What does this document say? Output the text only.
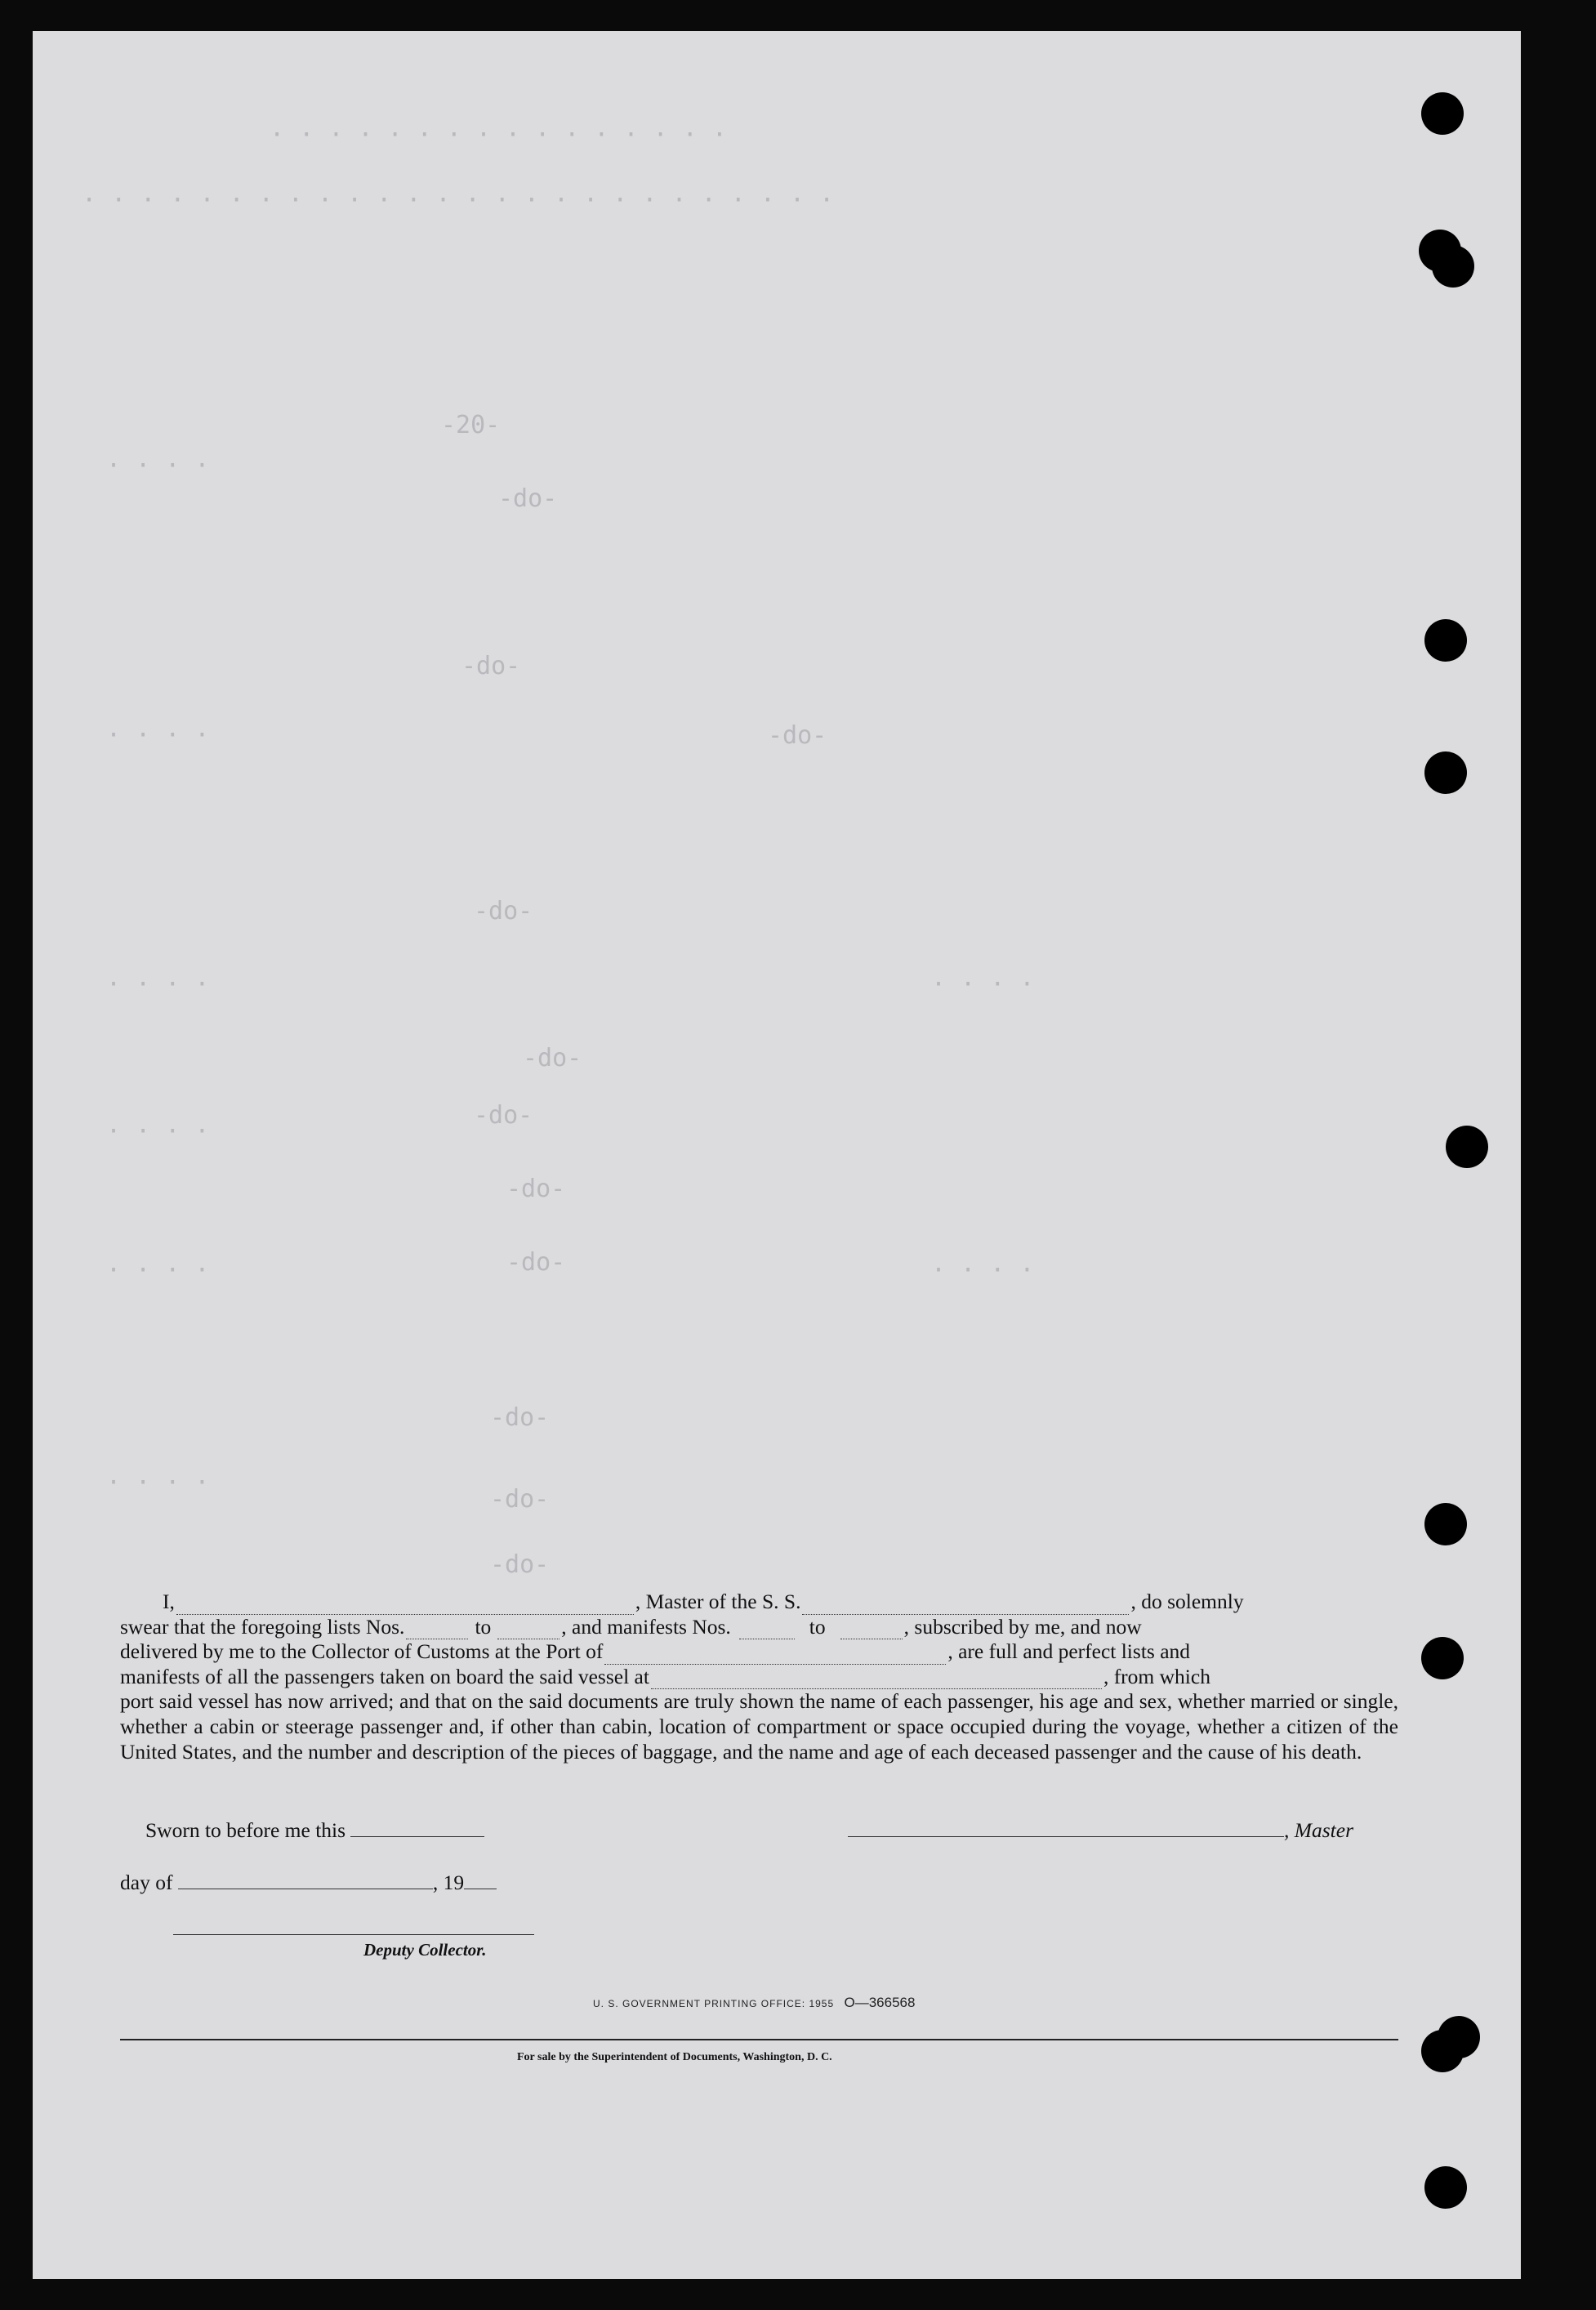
· · · · · · · · · · · · · · · ·
· · · · · · · · · · · · · · · · · · · · · · · · · ·
-20-
-do-
· · · ·
· · · ·
-do-
-do-
-do-
-do-
-do-
-do-
-do-
-do-
-do-
-do-
· · · ·
· · · ·
· · · ·
· · · ·
· · · ·
· · · ·
I,	, Master of the S. S.	, do solemnly
swear that the foregoing lists Nos.	to	, and manifests Nos.	to	, subscribed by me, and now
delivered by me to the Collector of Customs at the Port of	, are full and perfect lists and
manifests of all the passengers taken on board the said vessel at	, from which
port said vessel has now arrived; and that on the said documents are truly shown the name of each passenger, his age and sex, whether married or single, whether a cabin or steerage passenger and, if other than cabin, location of compartment or space occupied during the voyage, whether a citizen of the United States, and the number and description of the pieces of baggage, and the name and age of each deceased passenger and the cause of his death.
Sworn to before me this	, Master
day of	, 19
Deputy Collector.
U. S. GOVERNMENT PRINTING OFFICE: 1955 O—366568
For sale by the Superintendent of Documents, Washington, D. C.
